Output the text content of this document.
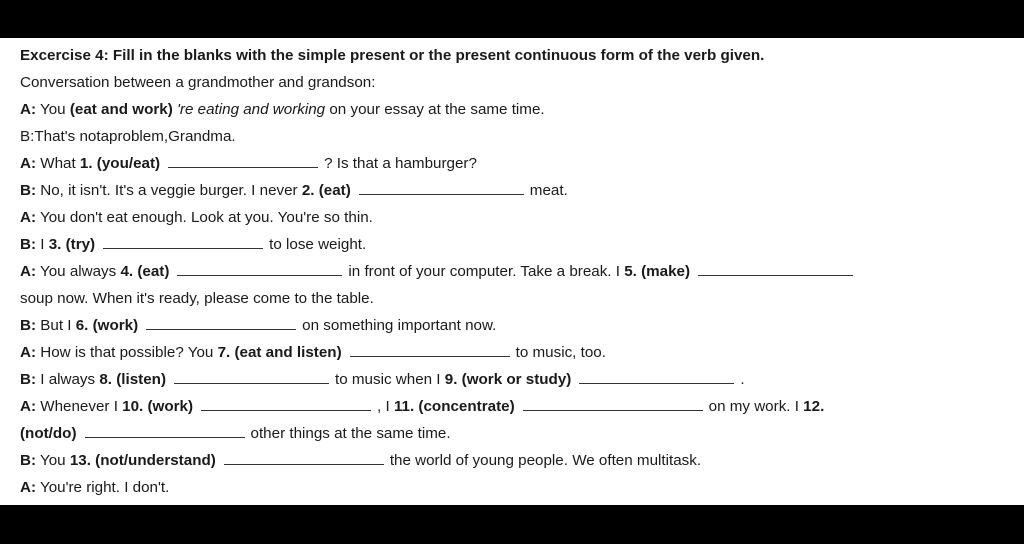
Excercise 4: Fill in the blanks with the simple present or the present continuous form of the verb given.
Conversation between a grandmother and grandson:
A: You (eat and work) 're eating and working on your essay at the same time.
B:That's notaproblem,Grandma.
A: What 1. (you/eat)	? Is that a hamburger?
B: No, it isn't. It's a veggie burger. I never 2. (eat)	meat.
A: You don't eat enough. Look at you. You're so thin.
B: I 3. (try)	to lose weight.
A: You always 4. (eat)	in front of your computer. Take a break. I 5. (make)
soup now. When it's ready, please come to the table.
B: But I 6. (work)	on something important now.
A: How is that possible? You 7. (eat and listen)	to music, too.
B: I always 8. (listen)	to music when I 9. (work or study)	.
A: Whenever I 10. (work)	, I 11. (concentrate)	on my work. I 12.
(not/do)	other things at the same time.
B: You 13. (not/understand)	the world of young people. We often multitask.
A: You're right. I don't.
